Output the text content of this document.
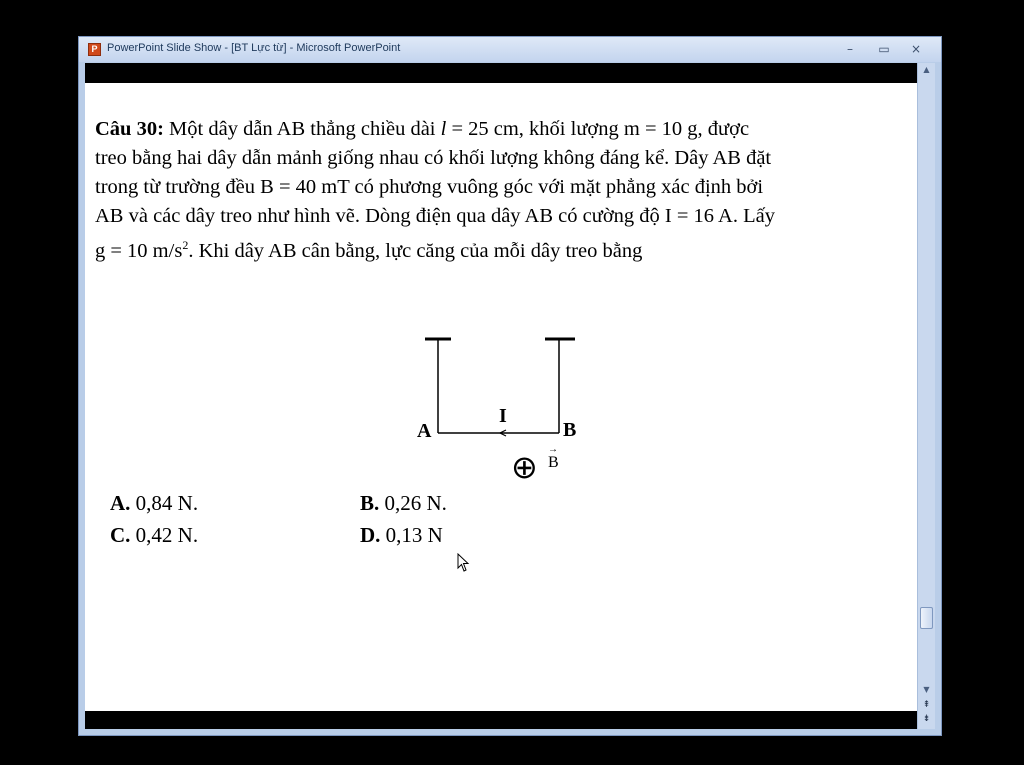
P PowerPoint Slide Show - [BT Lực từ] - Microsoft PowerPoint	–	▭	×
Câu 30: Một dây dẫn AB thẳng chiều dài l = 25 cm, khối lượng m = 10 g, được
treo bằng hai dây dẫn mảnh giống nhau có khối lượng không đáng kể. Dây AB đặt
trong từ trường đều B = 40 mT có phương vuông góc với mặt phẳng xác định bởi
AB và các dây treo như hình vẽ. Dòng điện qua dây AB có cường độ I = 16 A. Lấy
g = 10 $m/s^2$. Khi dây AB cân bằng, lực căng của mỗi dây treo bằng
A	B
I
⊕ B
→
A. 0,84 N.	B. 0,26 N.
C. 0,42 N.	D. 0,13 N
▲
▼
⇞
⇟
